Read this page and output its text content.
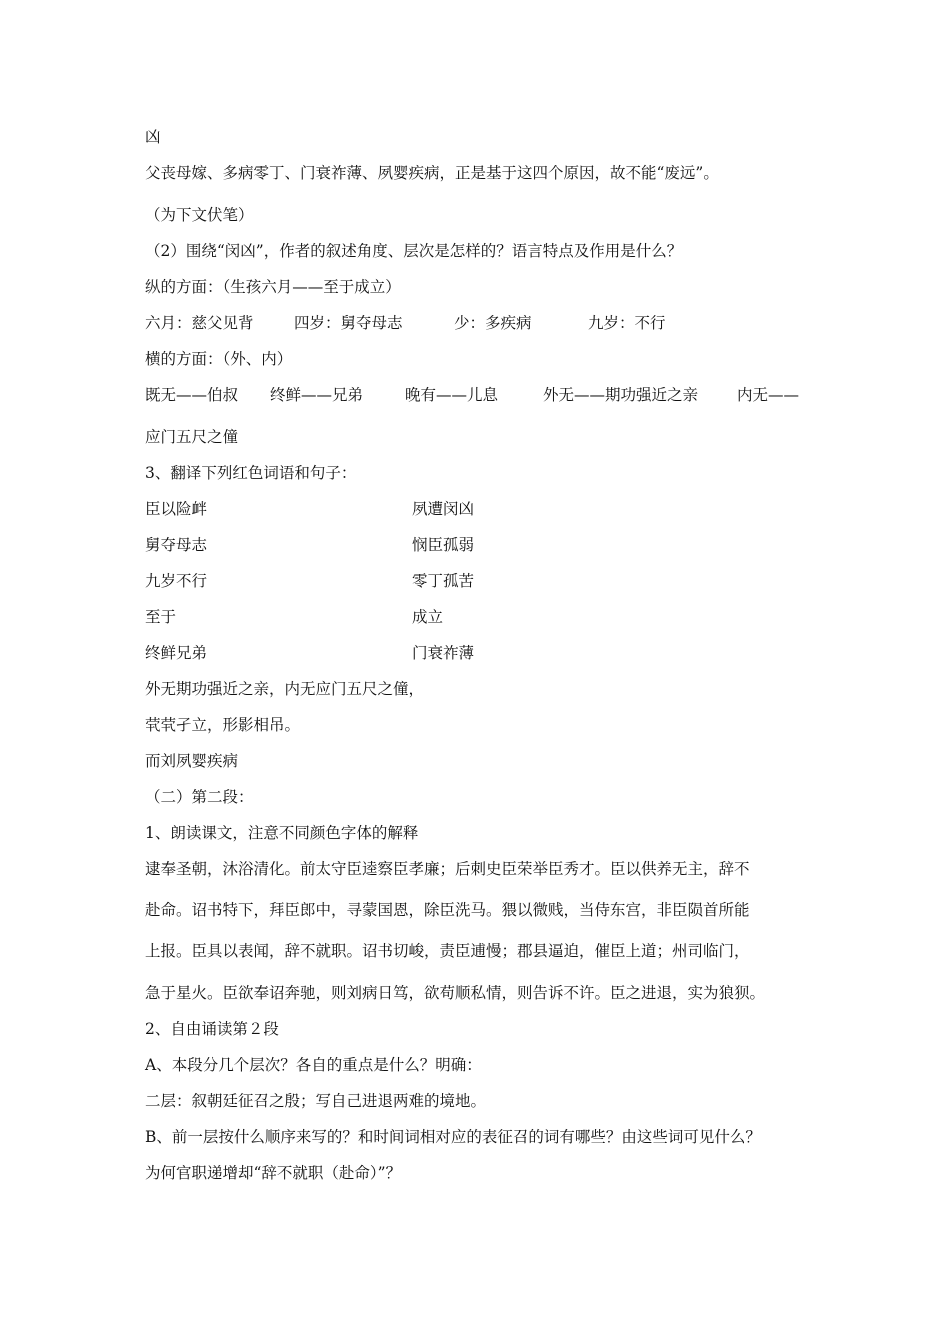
凶
父丧母嫁、多病零丁、门衰祚薄、夙婴疾病，正是基于这四个原因，故不能“废远”。
（为下文伏笔）
（2）围绕“闵凶”，作者的叙述角度、层次是怎样的？语言特点及作用是什么？
纵的方面：（生孩六月——至于成立）
六月：慈父见背	四岁：舅夺母志	少：多疾病	九岁：不行
横的方面：（外、内）
既无——伯叔 终鲜——兄弟	晚有——儿息	外无——期功强近之亲	内无——
应门五尺之僮
3、翻译下列红色词语和句子：
臣以险衅	夙遭闵凶
舅夺母志	悯臣孤弱
九岁不行	零丁孤苦
至于	成立
终鲜兄弟	门衰祚薄
外无期功强近之亲，内无应门五尺之僮，
茕茕孑立，形影相吊。
而刘夙婴疾病
（二）第二段：
1、朗读课文，注意不同颜色字体的解释
逮奉圣朝，沐浴清化。前太守臣逵察臣孝廉；后刺史臣荣举臣秀才。臣以供养无主，辞不
赴命。诏书特下，拜臣郎中，寻蒙国恩，除臣洗马。猥以微贱，当侍东宫，非臣陨首所能
上报。臣具以表闻，辞不就职。诏书切峻，责臣逋慢；郡县逼迫，催臣上道；州司临门，
急于星火。臣欲奉诏奔驰，则刘病日笃，欲苟顺私情，则告诉不许。臣之进退，实为狼狈。
2、自由诵读第２段
A、本段分几个层次？各自的重点是什么？明确：
二层：叙朝廷征召之殷；写自己进退两难的境地。
B、前一层按什么顺序来写的？和时间词相对应的表征召的词有哪些？由这些词可见什么？
为何官职递增却“辞不就职（赴命）”？
